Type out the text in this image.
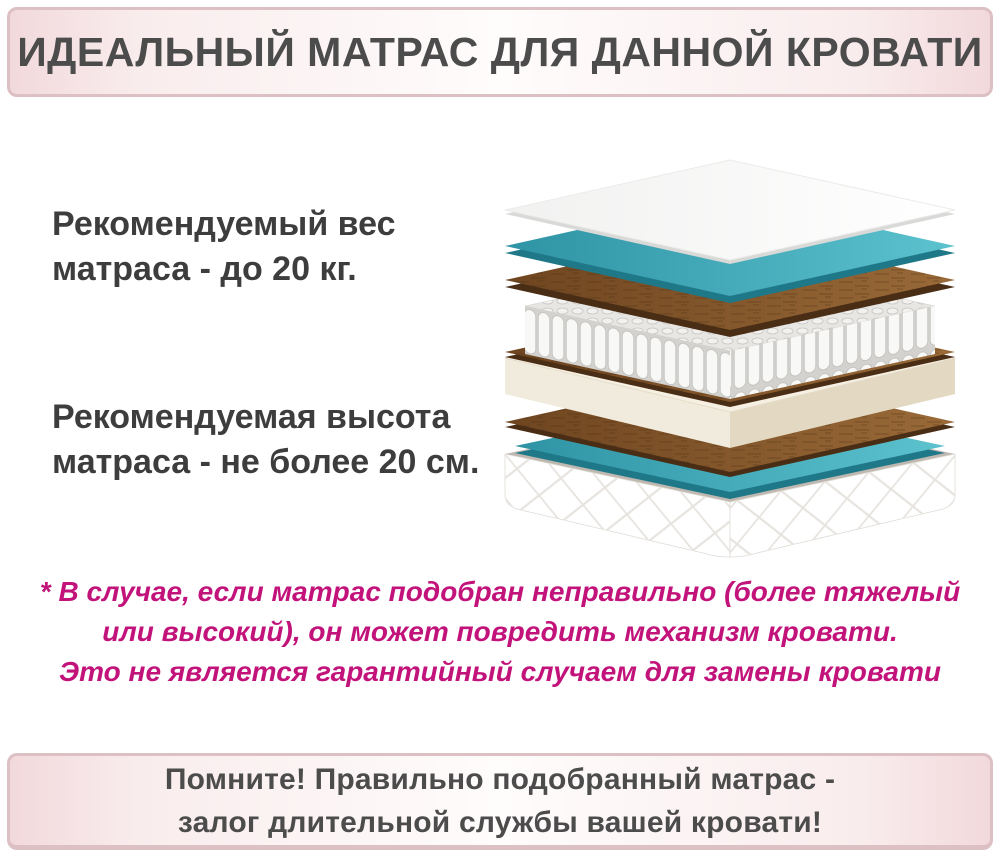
ИДЕАЛЬНЫЙ МАТРАС ДЛЯ ДАННОЙ КРОВАТИ
Рекомендуемый вес
матраса - до 20 кг.
Рекомендуемая высота
матраса - не более 20 см.
* В случае, если матрас подобран неправильно (более тяжелый
или высокий), он может повредить механизм кровати.
Это не является гарантийный случаем для замены кровати
Помните! Правильно подобранный матрас -
залог длительной службы вашей кровати!
